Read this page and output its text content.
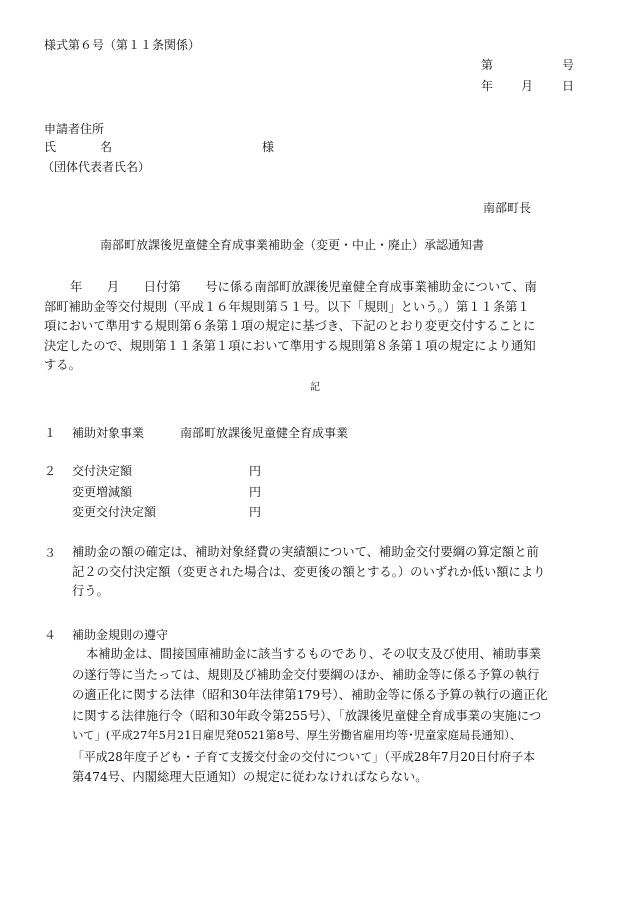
様式第６号（第１１条関係）
第	号
年 月 日
申請者住所
氏	名	様
（団体代表者氏名）
南部町長
南部町放課後児童健全育成事業補助金（変更・中止・廃止）承認通知書
年　　月　　日付第　　号に係る南部町放課後児童健全育成事業補助金について、南
部町補助金等交付規則（平成１６年規則第５１号。以下「規則」という。）第１１条第１
項において準用する規則第６条第１項の規定に基づき、下記のとおり変更交付することに
決定したので、規則第１１条第１項において準用する規則第８条第１項の規定により通知
する。
記
１ 補助対象事業	南部町放課後児童健全育成事業
２ 交付決定額	円
変更増減額	円
変更交付決定額	円
３ 補助金の額の確定は、補助対象経費の実績額について、補助金交付要綱の算定額と前
記２の交付決定額（変更された場合は、変更後の額とする。）のいずれか低い額により
行う。
４ 補助金規則の遵守
本補助金は、間接国庫補助金に該当するものであり、その収支及び使用、補助事業
の遂行等に当たっては、規則及び補助金交付要綱のほか、補助金等に係る予算の執行
の適正化に関する法律（昭和30年法律第179号）、補助金等に係る予算の執行の適正化
に関する法律施行令（昭和30年政令第255号）、「放課後児童健全育成事業の実施につ
いて」(平成27年5月21日雇児発0521第8号、厚生労働省雇用均等･児童家庭局長通知）、
「平成28年度子ども・子育て支援交付金の交付について」（平成28年7月20日付府子本
第474号、内閣総理大臣通知）の規定に従わなければならない。
